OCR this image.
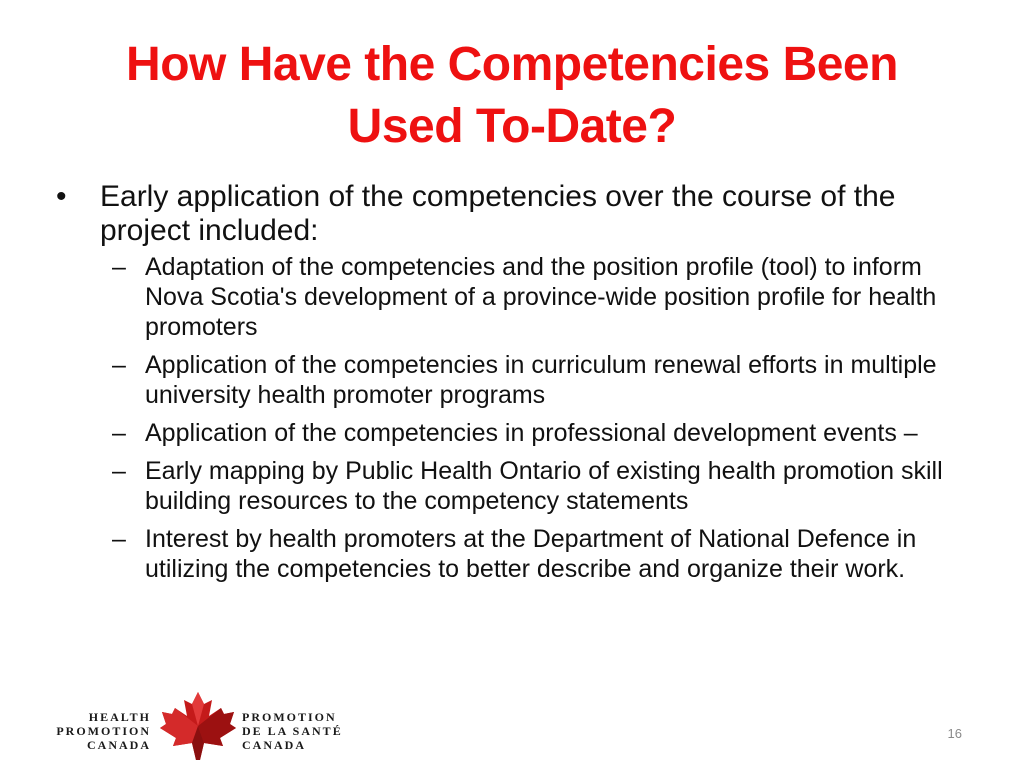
How Have the Competencies Been
Used To-Date?
• Early application of the competencies over the course of the project included:
– Adaptation of the competencies and the position profile (tool) to inform Nova Scotia's development of a province-wide position profile for health promoters
– Application of the competencies in curriculum renewal efforts in multiple university health promoter programs
– Application of the competencies in professional development events –
– Early mapping by Public Health Ontario of existing health promotion skill building resources to the competency statements
– Interest by health promoters at the Department of National Defence in utilizing the competencies to better describe and organize their work.
HEALTH
PROMOTION
CANADA
PROMOTION
DE LA SANTÉ
CANADA
16
